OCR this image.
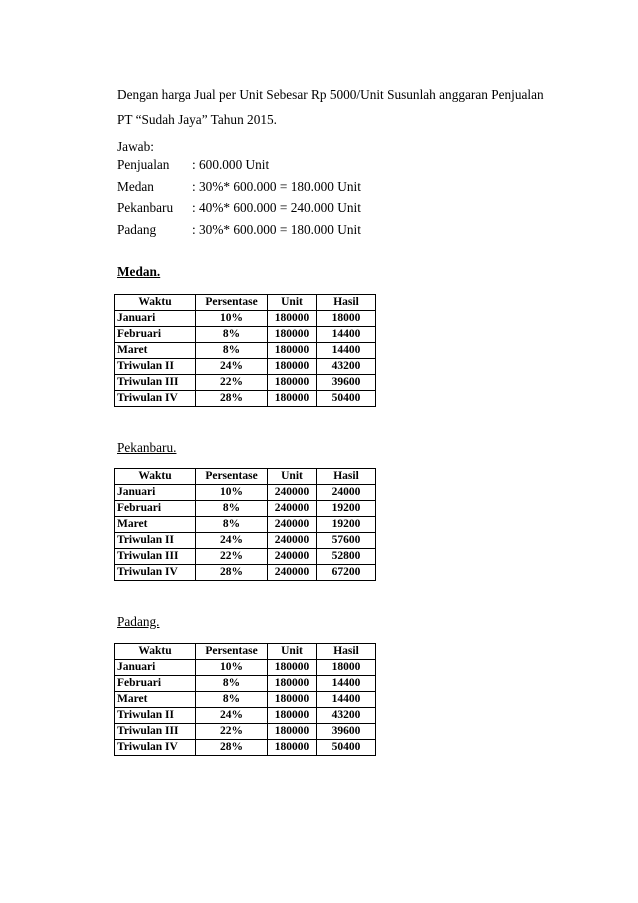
Dengan harga Jual per Unit Sebesar Rp 5000/Unit Susunlah anggaran Penjualan
PT “Sudah Jaya” Tahun 2015.
Jawab:
Penjualan : 600.000 Unit
Medan	: 30%* 600.000 = 180.000 Unit
Pekanbaru : 40%* 600.000 = 240.000 Unit
Padang	: 30%* 600.000 = 180.000 Unit
Medan.
Waktu	Persentase	Unit	Hasil
Januari	10%	180000	18000
Februari	8%	180000	14400
Maret	8%	180000	14400
Triwulan II	24%	180000	43200
Triwulan III	22%	180000	39600
Triwulan IV	28%	180000	50400
Pekanbaru.
Waktu	Persentase	Unit	Hasil
Januari	10%	240000	24000
Februari	8%	240000	19200
Maret	8%	240000	19200
Triwulan II	24%	240000	57600
Triwulan III	22%	240000	52800
Triwulan IV	28%	240000	67200
Padang.
Waktu	Persentase	Unit	Hasil
Januari	10%	180000	18000
Februari	8%	180000	14400
Maret	8%	180000	14400
Triwulan II	24%	180000	43200
Triwulan III	22%	180000	39600
Triwulan IV	28%	180000	50400
